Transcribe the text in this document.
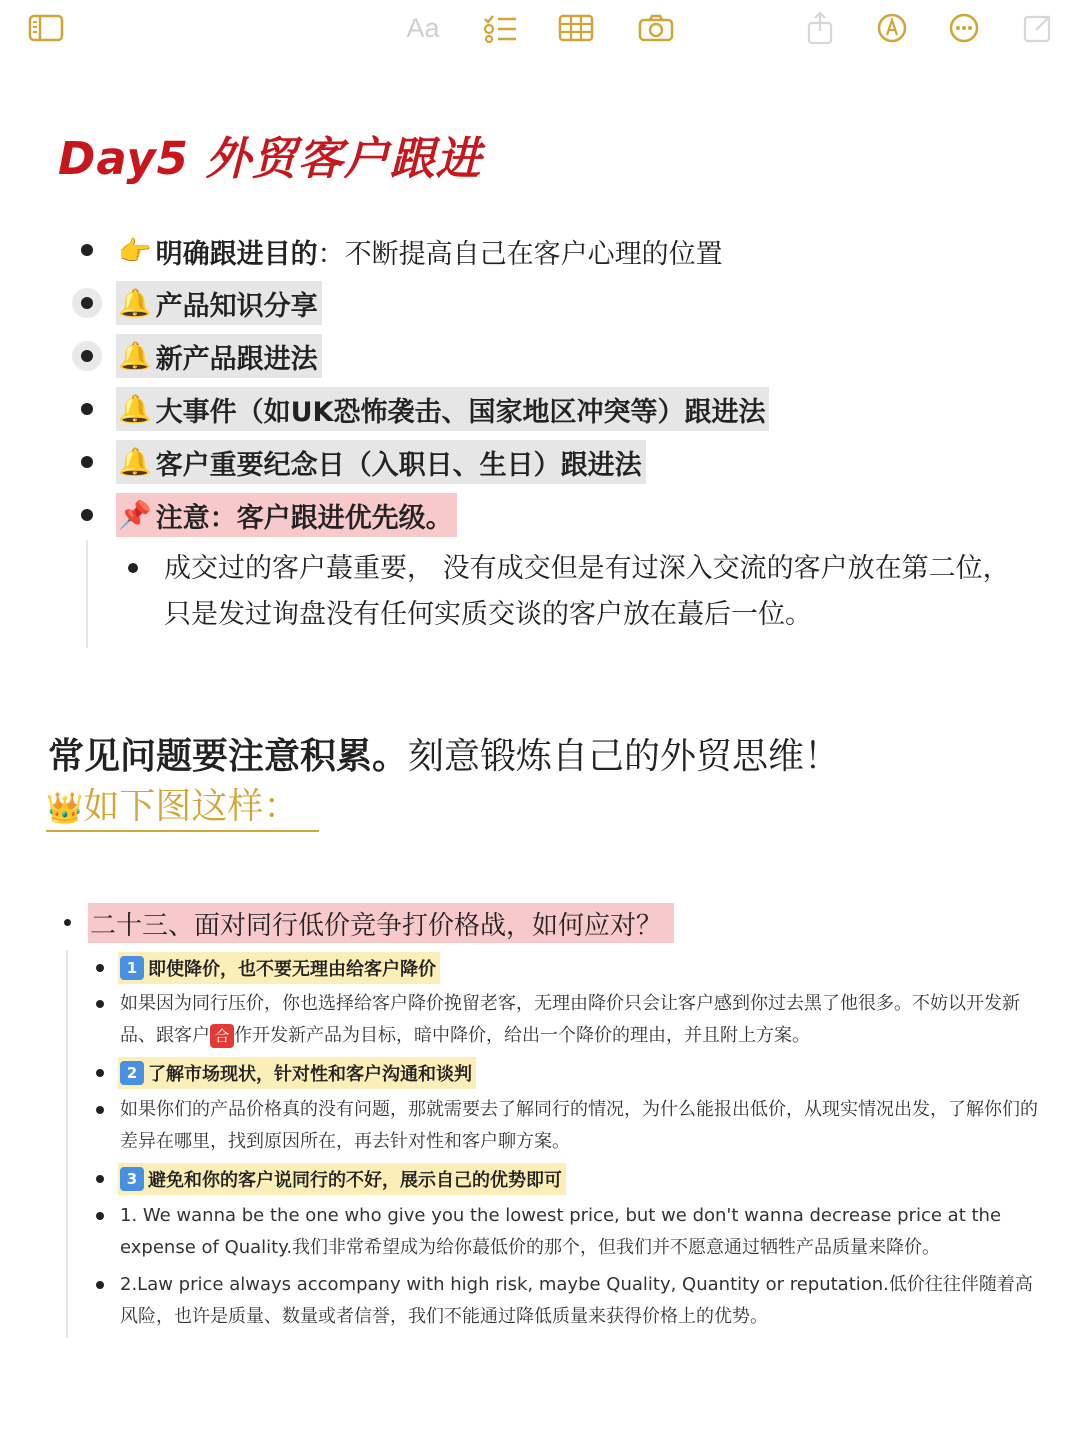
Aa
Day5 外贸客户跟进
👉 明确跟进目的 ：不断提高自己在客户心理的位置
🔔 产品知识分享
🔔 新产品跟进法
🔔 大事件（如UK恐怖袭击、国家地区冲突等）跟进法
🔔 客户重要纪念日（入职日、生日）跟进法
📌 注意：客户跟进优先级。
成交过的客户蕞重要， 没有成交但是有过深入交流的客户放在第二位， 只是发过询盘没有任何实质交谈的客户放在蕞后一位。
常见问题要注意积累。刻意锻炼自己的外贸思维！
👑如下图这样：
二十三、面对同行低价竞争打价格战，如何应对？
1 即使降价，也不要无理由给客户降价
如果因为同行压价，你也选择给客户降价挽留老客，无理由降价只会让客户感到你过去黑了他很多。不妨以开发新品、跟客户 合 作开发新产品为目标，暗中降价，给出一个降价的理由，并且附上方案。
2 了解市场现状，针对性和客户沟通和谈判
如果你们的产品价格真的没有问题，那就需要去了解同行的情况，为什么能报出低价，从现实情况出发，了解你们的差异在哪里，找到原因所在，再去针对性和客户聊方案。
3 避免和你的客户说同行的不好，展示自己的优势即可
1. We wanna be the one who give you the lowest price, but we don't wanna decrease price at the expense of Quality.我们非常希望成为给你蕞低价的那个，但我们并不愿意通过牺牲产品质量来降价。
2.Law price always accompany with high risk, maybe Quality, Quantity or reputation.低价往往伴随着高风险，也许是质量、数量或者信誉，我们不能通过降低质量来获得价格上的优势。
